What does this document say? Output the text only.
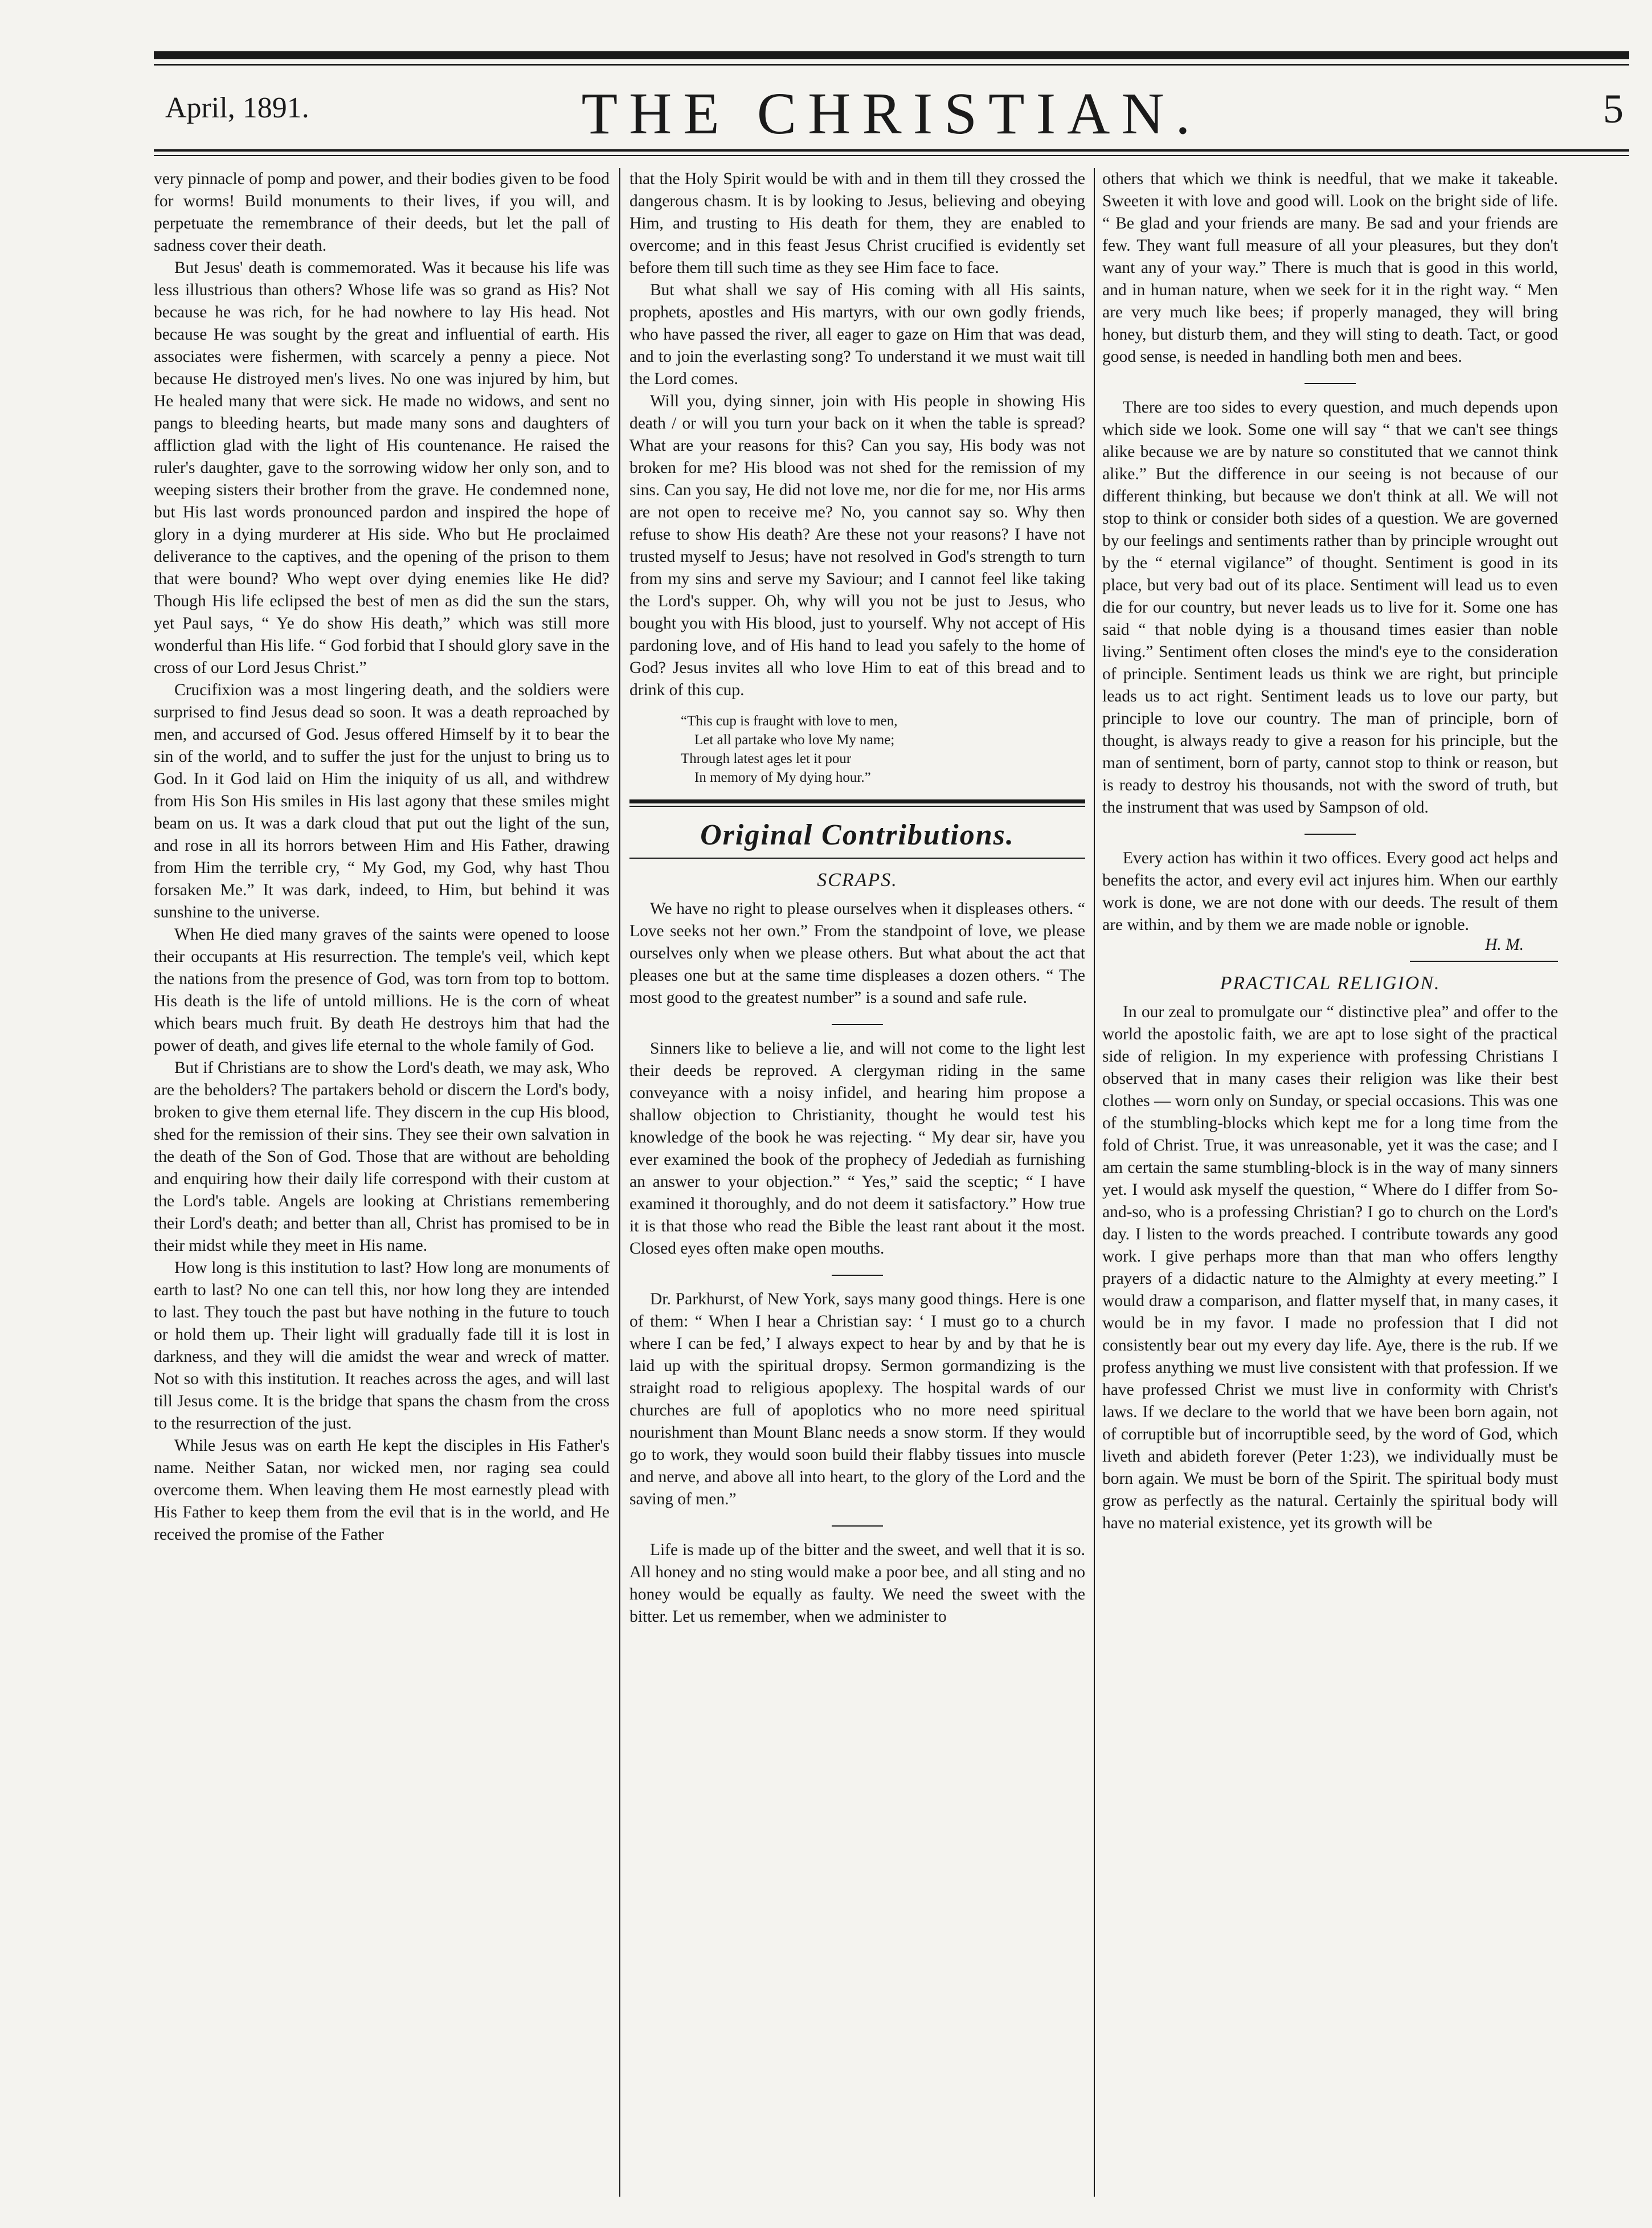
April, 1891.	THE CHRISTIAN.	5

very pinnacle of pomp and power, and their bodies given to be food for worms! Build monuments to their lives, if you will, and perpetuate the remembrance of their deeds, but let the pall of sadness cover their death.

But Jesus' death is commemorated. Was it because his life was less illustrious than others? Whose life was so grand as His? Not because he was rich, for he had nowhere to lay His head. Not because He was sought by the great and influential of earth. His associates were fishermen, with scarcely a penny a piece. Not because He distroyed men's lives. No one was injured by him, but He healed many that were sick. He made no widows, and sent no pangs to bleeding hearts, but made many sons and daughters of affliction glad with the light of His countenance. He raised the ruler's daughter, gave to the sorrowing widow her only son, and to weeping sisters their brother from the grave. He condemned none, but His last words pronounced pardon and inspired the hope of glory in a dying murderer at His side. Who but He proclaimed deliverance to the captives, and the opening of the prison to them that were bound? Who wept over dying enemies like He did? Though His life eclipsed the best of men as did the sun the stars, yet Paul says, “ Ye do show His death,” which was still more wonderful than His life. “ God forbid that I should glory save in the cross of our Lord Jesus Christ.”

Crucifixion was a most lingering death, and the soldiers were surprised to find Jesus dead so soon. It was a death reproached by men, and accursed of God. Jesus offered Himself by it to bear the sin of the world, and to suffer the just for the unjust to bring us to God. In it God laid on Him the iniquity of us all, and withdrew from His Son His smiles in His last agony that these smiles might beam on us. It was a dark cloud that put out the light of the sun, and rose in all its horrors between Him and His Father, drawing from Him the terrible cry, “ My God, my God, why hast Thou forsaken Me.” It was dark, indeed, to Him, but behind it was sunshine to the universe.

When He died many graves of the saints were opened to loose their occupants at His resurrection. The temple's veil, which kept the nations from the presence of God, was torn from top to bottom. His death is the life of untold millions. He is the corn of wheat which bears much fruit. By death He destroys him that had the power of death, and gives life eternal to the whole family of God.

But if Christians are to show the Lord's death, we may ask, Who are the beholders? The partakers behold or discern the Lord's body, broken to give them eternal life. They discern in the cup His blood, shed for the remission of their sins. They see their own salvation in the death of the Son of God. Those that are without are beholding and enquiring how their daily life correspond with their custom at the Lord's table. Angels are looking at Christians remembering their Lord's death; and better than all, Christ has promised to be in their midst while they meet in His name.

How long is this institution to last? How long are monuments of earth to last? No one can tell this, nor how long they are intended to last. They touch the past but have nothing in the future to touch or hold them up. Their light will gradually fade till it is lost in darkness, and they will die amidst the wear and wreck of matter. Not so with this institution. It reaches across the ages, and will last till Jesus come. It is the bridge that spans the chasm from the cross to the resurrection of the just.

While Jesus was on earth He kept the disciples in His Father's name. Neither Satan, nor wicked men, nor raging sea could overcome them. When leaving them He most earnestly plead with His Father to keep them from the evil that is in the world, and He received the promise of the Father

that the Holy Spirit would be with and in them till they crossed the dangerous chasm. It is by looking to Jesus, believing and obeying Him, and trusting to His death for them, they are enabled to overcome; and in this feast Jesus Christ crucified is evidently set before them till such time as they see Him face to face.

But what shall we say of His coming with all His saints, prophets, apostles and His martyrs, with our own godly friends, who have passed the river, all eager to gaze on Him that was dead, and to join the everlasting song? To understand it we must wait till the Lord comes.

Will you, dying sinner, join with His people in showing His death / or will you turn your back on it when the table is spread? What are your reasons for this? Can you say, His body was not broken for me? His blood was not shed for the remission of my sins. Can you say, He did not love me, nor die for me, nor His arms are not open to receive me? No, you cannot say so. Why then refuse to show His death? Are these not your reasons? I have not trusted myself to Jesus; have not resolved in God's strength to turn from my sins and serve my Saviour; and I cannot feel like taking the Lord's supper. Oh, why will you not be just to Jesus, who bought you with His blood, just to yourself. Why not accept of His pardoning love, and of His hand to lead you safely to the home of God? Jesus invites all who love Him to eat of this bread and to drink of this cup.

“This cup is fraught with love to men,
Let all partake who love My name;
Through latest ages let it pour
In memory of My dying hour.”
Original Contributions.
SCRAPS.

We have no right to please ourselves when it displeases others. “ Love seeks not her own.” From the standpoint of love, we please ourselves only when we please others. But what about the act that pleases one but at the same time displeases a dozen others. “ The most good to the greatest number” is a sound and safe rule.

Sinners like to believe a lie, and will not come to the light lest their deeds be reproved. A clergyman riding in the same conveyance with a noisy infidel, and hearing him propose a shallow objection to Christianity, thought he would test his knowledge of the book he was rejecting. “ My dear sir, have you ever examined the book of the prophecy of Jedediah as furnishing an answer to your objection.” “ Yes,” said the sceptic; “ I have examined it thoroughly, and do not deem it satisfactory.” How true it is that those who read the Bible the least rant about it the most. Closed eyes often make open mouths.

Dr. Parkhurst, of New York, says many good things. Here is one of them: “ When I hear a Christian say: ‘ I must go to a church where I can be fed,’ I always expect to hear by and by that he is laid up with the spiritual dropsy. Sermon gormandizing is the straight road to religious apoplexy. The hospital wards of our churches are full of apoplotics who no more need spiritual nourishment than Mount Blanc needs a snow storm. If they would go to work, they would soon build their flabby tissues into muscle and nerve, and above all into heart, to the glory of the Lord and the saving of men.”

Life is made up of the bitter and the sweet, and well that it is so. All honey and no sting would make a poor bee, and all sting and no honey would be equally as faulty. We need the sweet with the bitter. Let us remember, when we administer to

others that which we think is needful, that we make it takeable. Sweeten it with love and good will. Look on the bright side of life. “ Be glad and your friends are many. Be sad and your friends are few. They want full measure of all your pleasures, but they don't want any of your way.” There is much that is good in this world, and in human nature, when we seek for it in the right way. “ Men are very much like bees; if properly managed, they will bring honey, but disturb them, and they will sting to death. Tact, or good good sense, is needed in handling both men and bees.

There are too sides to every question, and much depends upon which side we look. Some one will say “ that we can't see things alike because we are by nature so constituted that we cannot think alike.” But the difference in our seeing is not because of our different thinking, but because we don't think at all. We will not stop to think or consider both sides of a question. We are governed by our feelings and sentiments rather than by principle wrought out by the “ eternal vigilance” of thought. Sentiment is good in its place, but very bad out of its place. Sentiment will lead us to even die for our country, but never leads us to live for it. Some one has said “ that noble dying is a thousand times easier than noble living.” Sentiment often closes the mind's eye to the consideration of principle. Sentiment leads us think we are right, but principle leads us to act right. Sentiment leads us to love our party, but principle to love our country. The man of principle, born of thought, is always ready to give a reason for his principle, but the man of sentiment, born of party, cannot stop to think or reason, but is ready to destroy his thousands, not with the sword of truth, but the instrument that was used by Sampson of old.

Every action has within it two offices. Every good act helps and benefits the actor, and every evil act injures him. When our earthly work is done, we are not done with our deeds. The result of them are within, and by them we are made noble or ignoble.

H. M.
PRACTICAL RELIGION.

In our zeal to promulgate our “ distinctive plea” and offer to the world the apostolic faith, we are apt to lose sight of the practical side of religion. In my experience with professing Christians I observed that in many cases their religion was like their best clothes — worn only on Sunday, or special occasions. This was one of the stumbling-blocks which kept me for a long time from the fold of Christ. True, it was unreasonable, yet it was the case; and I am certain the same stumbling-block is in the way of many sinners yet. I would ask myself the question, “ Where do I differ from So-and-so, who is a professing Christian? I go to church on the Lord's day. I listen to the words preached. I contribute towards any good work. I give perhaps more than that man who offers lengthy prayers of a didactic nature to the Almighty at every meeting.” I would draw a comparison, and flatter myself that, in many cases, it would be in my favor. I made no profession that I did not consistently bear out my every day life. Aye, there is the rub. If we profess anything we must live consistent with that profession. If we have professed Christ we must live in conformity with Christ's laws. If we declare to the world that we have been born again, not of corruptible but of incorruptible seed, by the word of God, which liveth and abideth forever (Peter 1:23), we individually must be born again. We must be born of the Spirit. The spiritual body must grow as perfectly as the natural. Certainly the spiritual body will have no material existence, yet its growth will be
